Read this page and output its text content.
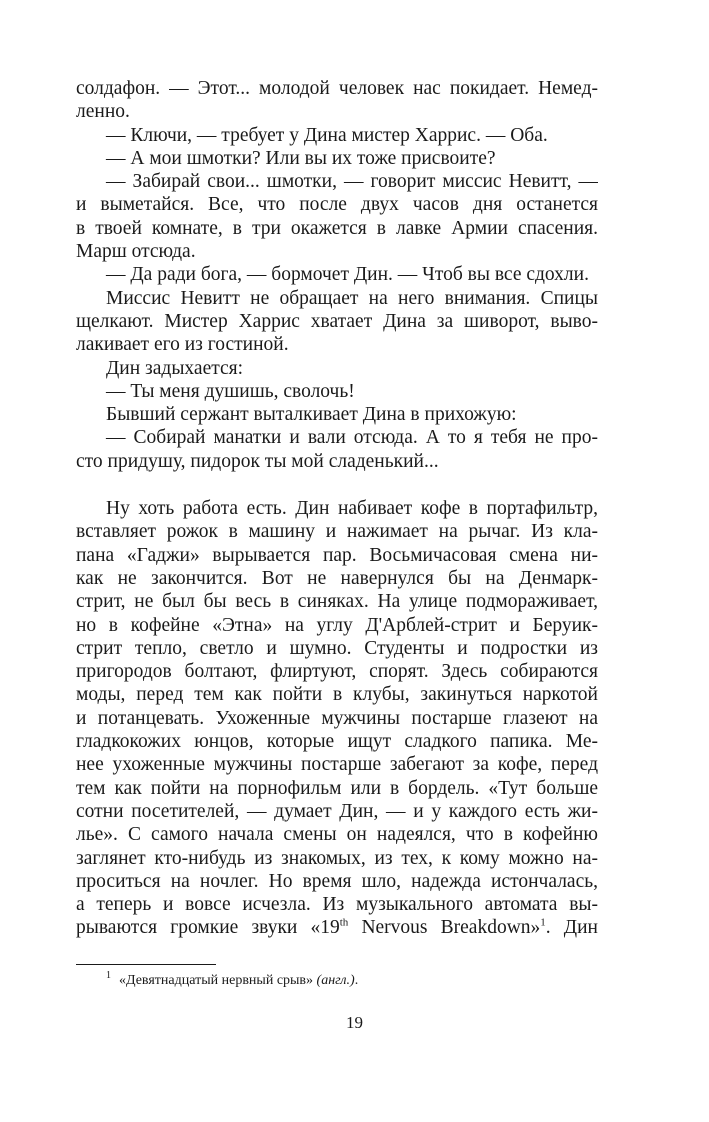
солдафон. — Этот... молодой человек нас покидает. Немед-
ленно.
— Ключи, — требует у Дина мистер Харрис. — Оба.
— А мои шмотки? Или вы их тоже присвоите?
— Забирай свои... шмотки, — говорит миссис Невитт, —
и выметайся. Все, что после двух часов дня останется
в твоей комнате, в три окажется в лавке Армии спасения.
Марш отсюда.
— Да ради бога, — бормочет Дин. — Чтоб вы все сдохли.
Миссис Невитт не обращает на него внимания. Спицы
щелкают. Мистер Харрис хватает Дина за шиворот, выво-
лакивает его из гостиной.
Дин задыхается:
— Ты меня душишь, сволочь!
Бывший сержант выталкивает Дина в прихожую:
— Собирай манатки и вали отсюда. А то я тебя не про-
сто придушу, пидорок ты мой сладенький...
Ну хоть работа есть. Дин набивает кофе в портафильтр,
вставляет рожок в машину и нажимает на рычаг. Из кла-
пана «Гаджи» вырывается пар. Восьмичасовая смена ни-
как не закончится. Вот не навернулся бы на Денмарк-
стрит, не был бы весь в синяках. На улице подмораживает,
но в кофейне «Этна» на углу Д'Арблей-стрит и Беруик-
стрит тепло, светло и шумно. Студенты и подростки из
пригородов болтают, флиртуют, спорят. Здесь собираются
моды, перед тем как пойти в клубы, закинуться наркотой
и потанцевать. Ухоженные мужчины постарше глазеют на
гладкокожих юнцов, которые ищут сладкого папика. Ме-
нее ухоженные мужчины постарше забегают за кофе, перед
тем как пойти на порнофильм или в бордель. «Тут больше
сотни посетителей, — думает Дин, — и у каждого есть жи-
лье». С самого начала смены он надеялся, что в кофейню
заглянет кто-нибудь из знакомых, из тех, к кому можно на-
проситься на ночлег. Но время шло, надежда истончалась,
а теперь и вовсе исчезла. Из музыкального автомата вы-
рываются громкие звуки «19th Nervous Breakdown»$^1$. Дин
$^1$ «Девятнадцатый нервный срыв» (англ.).
19
